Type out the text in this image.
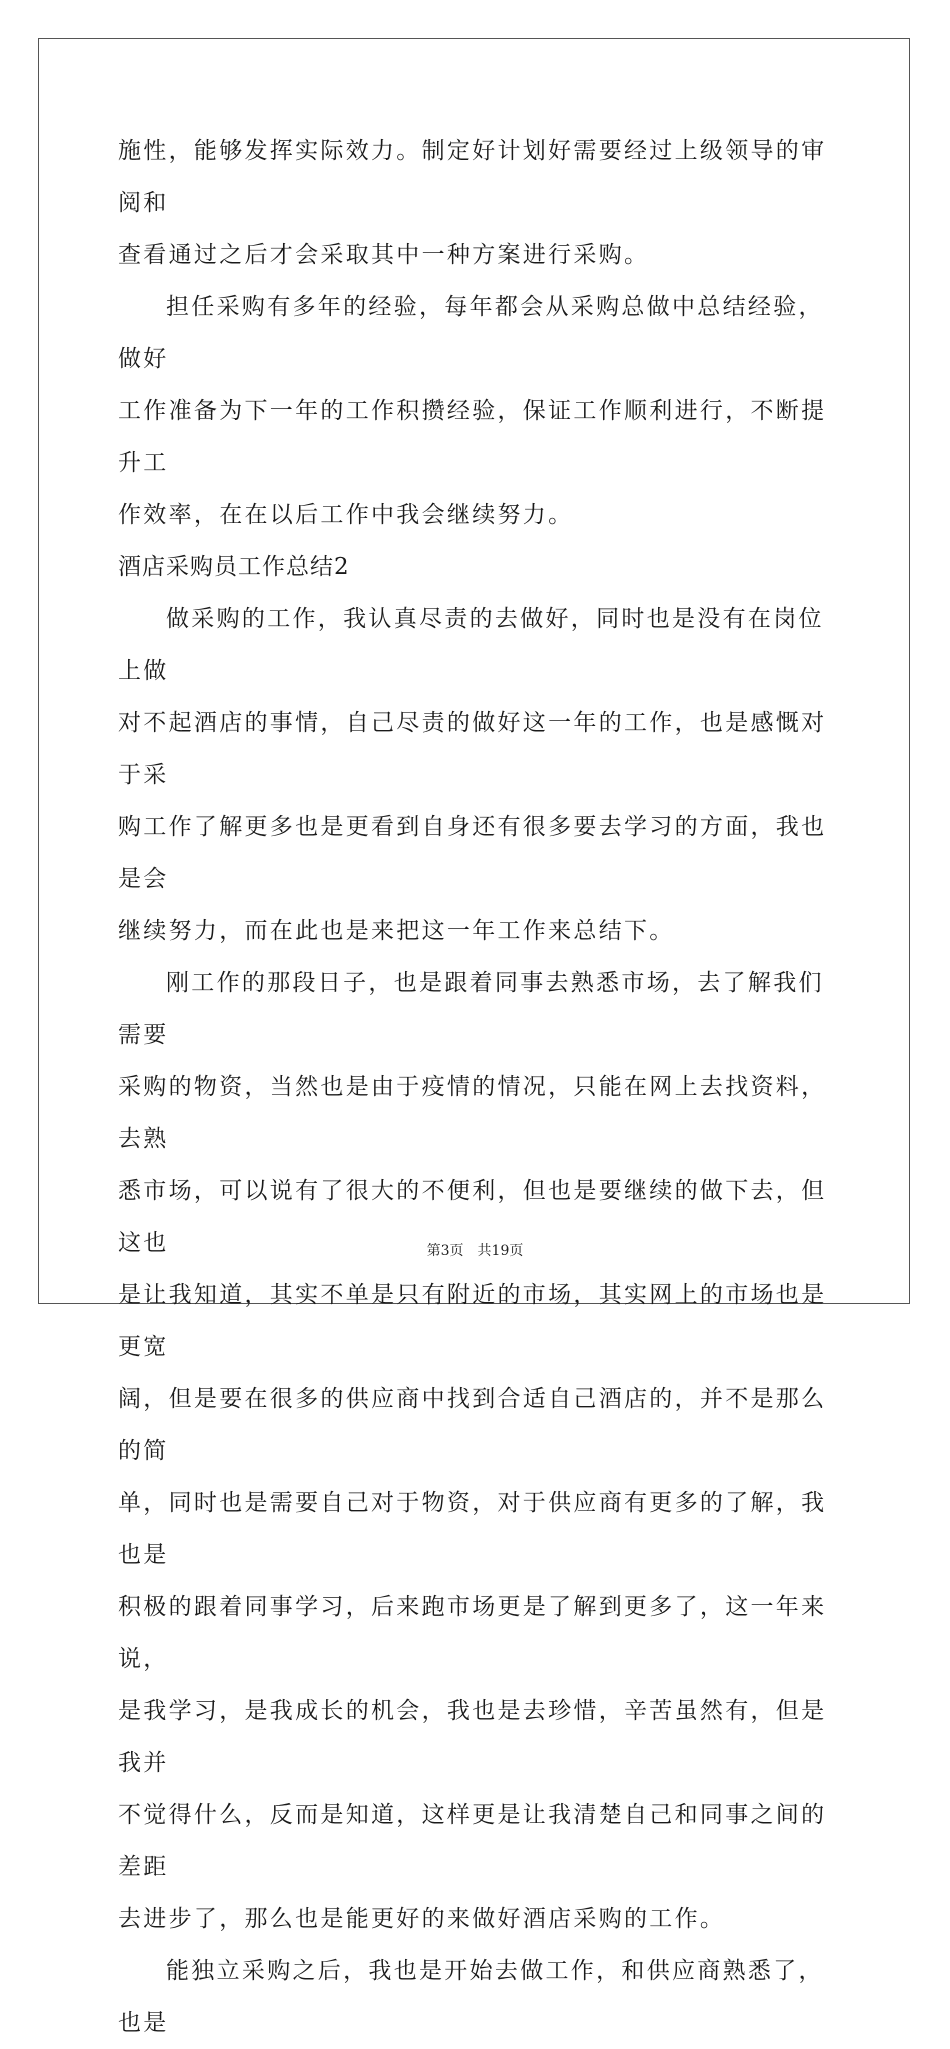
施性，能够发挥实际效力。制定好计划好需要经过上级领导的审阅和
查看通过之后才会采取其中一种方案进行采购。

担任采购有多年的经验，每年都会从采购总做中总结经验，做好
工作准备为下一年的工作积攒经验，保证工作顺利进行，不断提升工
作效率，在在以后工作中我会继续努力。

酒店采购员工作总结2

做采购的工作，我认真尽责的去做好，同时也是没有在岗位上做
对不起酒店的事情，自己尽责的做好这一年的工作，也是感慨对于采
购工作了解更多也是更看到自身还有很多要去学习的方面，我也是会
继续努力，而在此也是来把这一年工作来总结下。

刚工作的那段日子，也是跟着同事去熟悉市场，去了解我们需要
采购的物资，当然也是由于疫情的情况，只能在网上去找资料，去熟
悉市场，可以说有了很大的不便利，但也是要继续的做下去，但这也
是让我知道，其实不单是只有附近的市场，其实网上的市场也是更宽
阔，但是要在很多的供应商中找到合适自己酒店的，并不是那么的简
单，同时也是需要自己对于物资，对于供应商有更多的了解，我也是
积极的跟着同事学习，后来跑市场更是了解到更多了，这一年来说，
是我学习，是我成长的机会，我也是去珍惜，辛苦虽然有，但是我并
不觉得什么，反而是知道，这样更是让我清楚自己和同事之间的差距
去进步了，那么也是能更好的来做好酒店采购的工作。

能独立采购之后，我也是开始去做工作，和供应商熟悉了，也是

第3页 共19页
